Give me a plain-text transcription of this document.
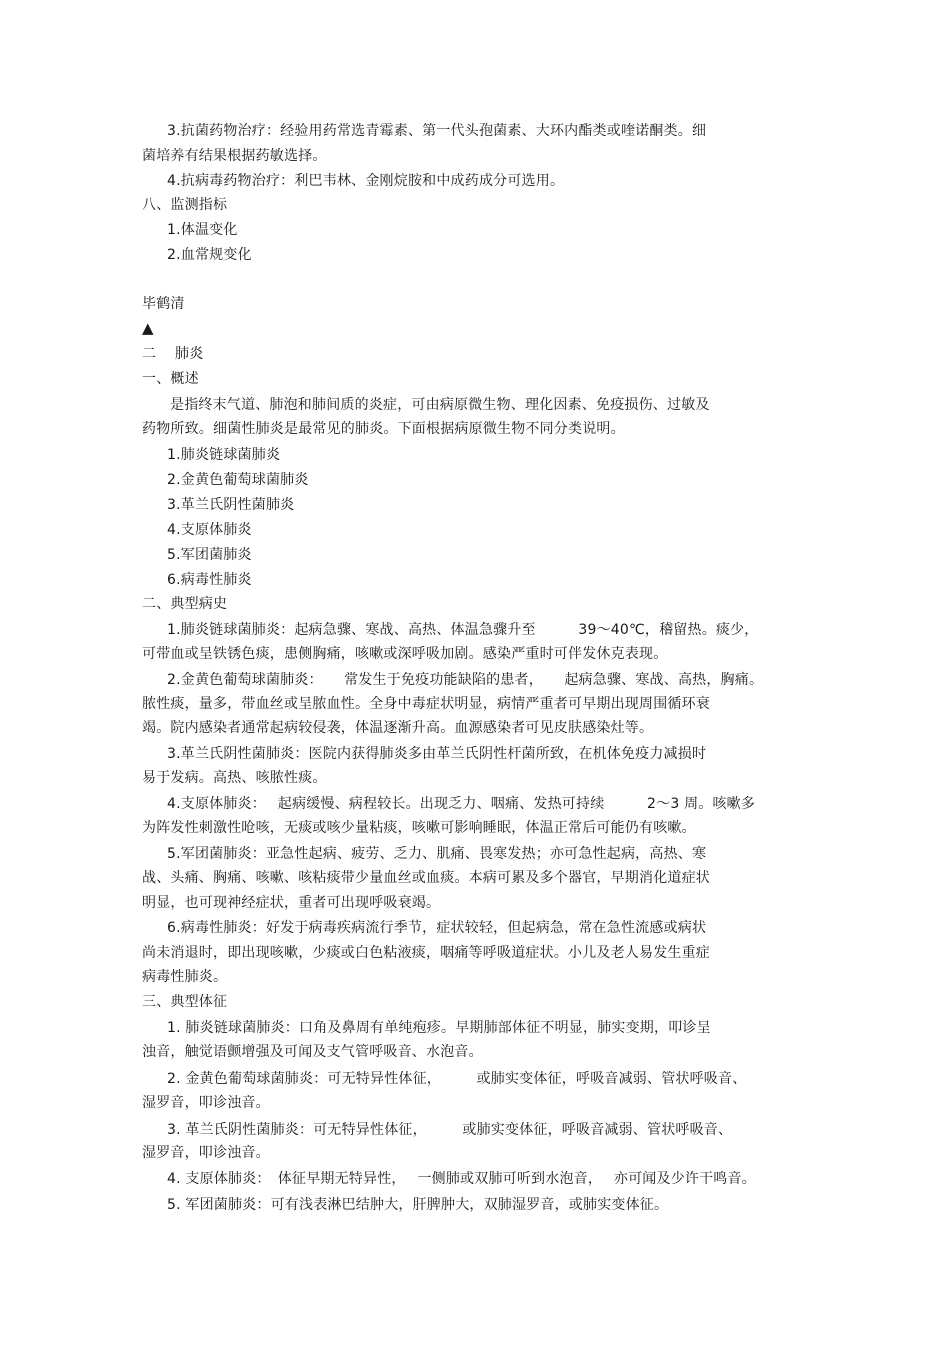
3.抗菌药物治疗：经验用药常选青霉素、第一代头孢菌素、大环内酯类或喹诺酮类。细
菌培养有结果根据药敏选择。
4.抗病毒药物治疗：利巴韦林、金刚烷胺和中成药成分可选用。
八、监测指标
1.体温变化
2.血常规变化
毕鹤清
▲
二　 肺炎
一、概述
是指终末气道、肺泡和肺间质的炎症，可由病原微生物、理化因素、免疫损伤、过敏及
药物所致。细菌性肺炎是最常见的肺炎。下面根据病原微生物不同分类说明。
1.肺炎链球菌肺炎
2.金黄色葡萄球菌肺炎
3.革兰氏阴性菌肺炎
4.支原体肺炎
5.军团菌肺炎
6.病毒性肺炎
二、典型病史
1.肺炎链球菌肺炎：起病急骤、寒战、高热、体温急骤升至　　　39～40℃，稽留热。痰少，
可带血或呈铁锈色痰，患侧胸痛，咳嗽或深呼吸加剧。感染严重时可伴发休克表现。
2.金黄色葡萄球菌肺炎：　　常发生于免疫功能缺陷的患者，　　起病急骤、寒战、高热，胸痛。
脓性痰，量多，带血丝或呈脓血性。全身中毒症状明显，病情严重者可早期出现周围循环衰
竭。院内感染者通常起病较侵袭，体温逐渐升高。血源感染者可见皮肤感染灶等。
3.革兰氏阴性菌肺炎：医院内获得肺炎多由革兰氏阴性杆菌所致，在机体免疫力减损时
易于发病。高热、咳脓性痰。
4.支原体肺炎：　 起病缓慢、病程较长。出现乏力、咽痛、发热可持续　　　2～3 周。咳嗽多
为阵发性刺激性呛咳，无痰或咳少量粘痰，咳嗽可影响睡眠，体温正常后可能仍有咳嗽。
5.军团菌肺炎：亚急性起病、疲劳、乏力、肌痛、畏寒发热；亦可急性起病，高热、寒
战、头痛、胸痛、咳嗽、咳粘痰带少量血丝或血痰。本病可累及多个器官，早期消化道症状
明显，也可现神经症状，重者可出现呼吸衰竭。
6.病毒性肺炎：好发于病毒疾病流行季节，症状较轻，但起病急，常在急性流感或病状
尚未消退时，即出现咳嗽，少痰或白色粘液痰，咽痛等呼吸道症状。小儿及老人易发生重症
病毒性肺炎。
三、典型体征
1. 肺炎链球菌肺炎：口角及鼻周有单纯疱疹。早期肺部体征不明显，肺实变期，叩诊呈
浊音，触觉语颤增强及可闻及支气管呼吸音、水泡音。
2. 金黄色葡萄球菌肺炎：可无特异性体征，　　　或肺实变体征，呼吸音减弱、管状呼吸音、
湿罗音，叩诊浊音。
3. 革兰氏阴性菌肺炎：可无特异性体征，　　　或肺实变体征，呼吸音减弱、管状呼吸音、
湿罗音，叩诊浊音。
4. 支原体肺炎：　体征早期无特异性，　 一侧肺或双肺可听到水泡音，　 亦可闻及少许干鸣音。
5. 军团菌肺炎：可有浅表淋巴结肿大，肝脾肿大，双肺湿罗音，或肺实变体征。
